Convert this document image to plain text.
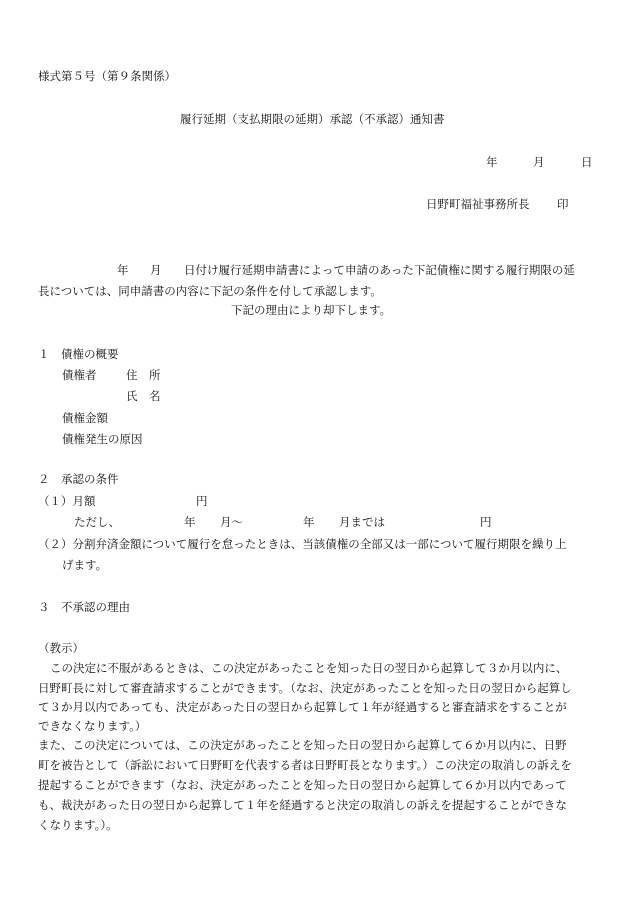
様式第５号（第９条関係）
履行延期（支払期限の延期）承認（不承認）通知書
年	月	日
日野町福祉事務所長 印
年 月 日付け履行延期申請書によって申請のあった下記債権に関する履行期限の延
長については、同申請書の内容に下記の条件を付して承認します。
下記の理由により却下します。
１　債権の概要
債権者	住　所
氏　名
債権金額
債権発生の原因
２　承認の条件
（１）月額	円
ただし、	年 月〜	年 月までは	円
（２）分割弁済金額について履行を怠ったときは、当該債権の全部又は一部について履行期限を繰り上
げます。
３　不承認の理由
（教示）
この決定に不服があるときは、この決定があったことを知った日の翌日から起算して３か月以内に、
日野町長に対して審査請求することができます。（なお、決定があったことを知った日の翌日から起算し
て３か月以内であっても、決定があった日の翌日から起算して１年が経過すると審査請求をすることが
できなくなります。）
また、この決定については、この決定があったことを知った日の翌日から起算して６か月以内に、日野
町を被告として（訴訟において日野町を代表する者は日野町長となります。）この決定の取消しの訴えを
提起することができます（なお、決定があったことを知った日の翌日から起算して６か月以内であって
も、裁決があった日の翌日から起算して１年を経過すると決定の取消しの訴えを提起することができな
くなります。）。
